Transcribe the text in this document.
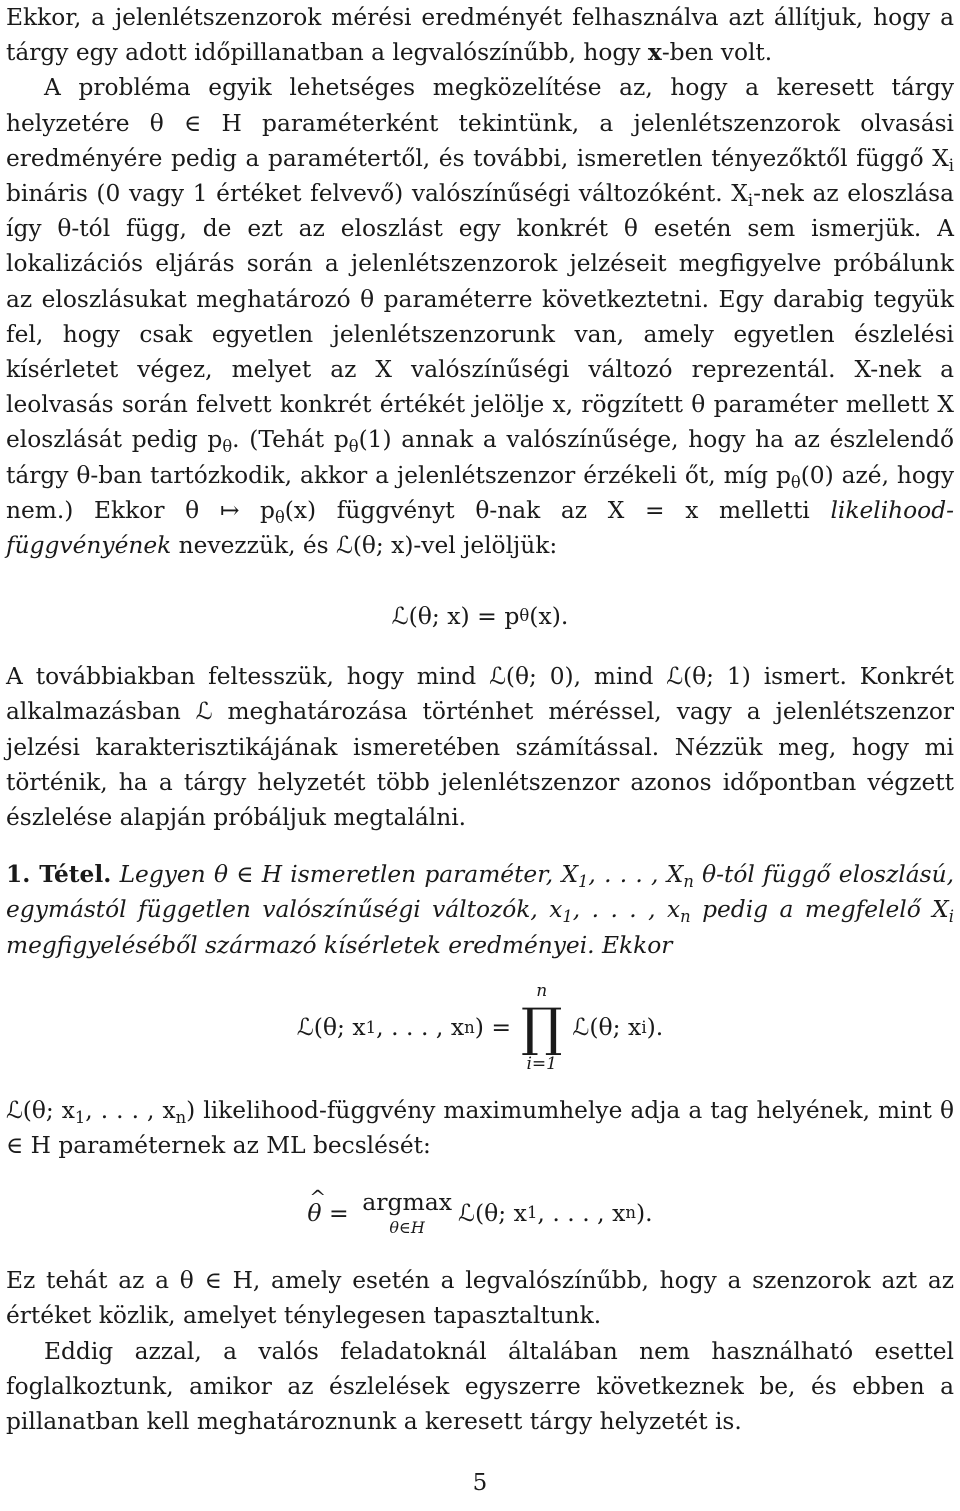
Ekkor, a jelenlétszenzorok mérési eredményét felhasználva azt állítjuk, hogy a tárgy egy adott időpillanatban a legvalószínűbb, hogy x-ben volt.

A probléma egyik lehetséges megközelítése az, hogy a keresett tárgy helyzetére θ ∈ H paraméterként tekintünk, a jelenlétszenzorok olvasási eredményére pedig a paramétertől, és további, ismeretlen tényezőktől függő $X_i$ bináris (0 vagy 1 értéket felvevő) valószínűségi változóként. $X_i$-nek az eloszlása így θ-tól függ, de ezt az eloszlást egy konkrét θ esetén sem ismerjük. A lokalizációs eljárás során a jelenlétszenzorok jelzéseit megfigyelve próbálunk az eloszlásukat meghatározó θ paraméterre következtetni. Egy darabig tegyük fel, hogy csak egyetlen jelenlétszenzorunk van, amely egyetlen észlelési kísérletet végez, melyet az X valószínűségi változó reprezentál. X-nek a leolvasás során felvett konkrét értékét jelölje x, rögzített θ paraméter mellett X eloszlását pedig $p_\theta$. (Tehát $p_\theta(1)$ annak a valószínűsége, hogy ha az észlelendő tárgy θ-ban tartózkodik, akkor a jelenlétszenzor érzékeli őt, míg $p_\theta(0)$ azé, hogy nem.) Ekkor θ ↦ $p_\theta(x)$ függvényt θ-nak az X = x melletti likelihood-függvényének nevezzük, és ℒ(θ; x)-vel jelöljük:

ℒ(θ; x) = p θ (x).

A továbbiakban feltesszük, hogy mind ℒ(θ; 0), mind ℒ(θ; 1) ismert. Konkrét alkalmazásban ℒ meghatározása történhet méréssel, vagy a jelenlétszenzor jelzési karakterisztikájának ismeretében számítással. Nézzük meg, hogy mi történik, ha a tárgy helyzetét több jelenlétszenzor azonos időpontban végzett észlelése alapján próbáljuk megtalálni.

1. Tétel. Legyen θ ∈ H ismeretlen paraméter, $X_1$, . . . , $X_n$ θ-tól függő eloszlású, egymástól független valószínűségi változók, $x_1$, . . . , $x_n$ pedig a megfelelő $X_i$ megfigyeléséből származó kísérletek eredményei. Ekkor

ℒ(θ; x 1 , . . . , x n ) =
n
∏
i=1
ℒ(θ; x i ).

ℒ(θ; $x_1$, . . . , $x_n$) likelihood-függvény maximumhelye adja a tag helyének, mint θ ∈ H paraméternek az ML becslését:

^ θ = argmax
θ∈H
ℒ(θ; x 1 , . . . , x n ).

Ez tehát az a θ ∈ H, amely esetén a legvalószínűbb, hogy a szenzorok azt az értéket közlik, amelyet ténylegesen tapasztaltunk.

Eddig azzal, a valós feladatoknál általában nem használható esettel foglalkoztunk, amikor az észlelések egyszerre következnek be, és ebben a pillanatban kell meghatároznunk a keresett tárgy helyzetét is.

5
